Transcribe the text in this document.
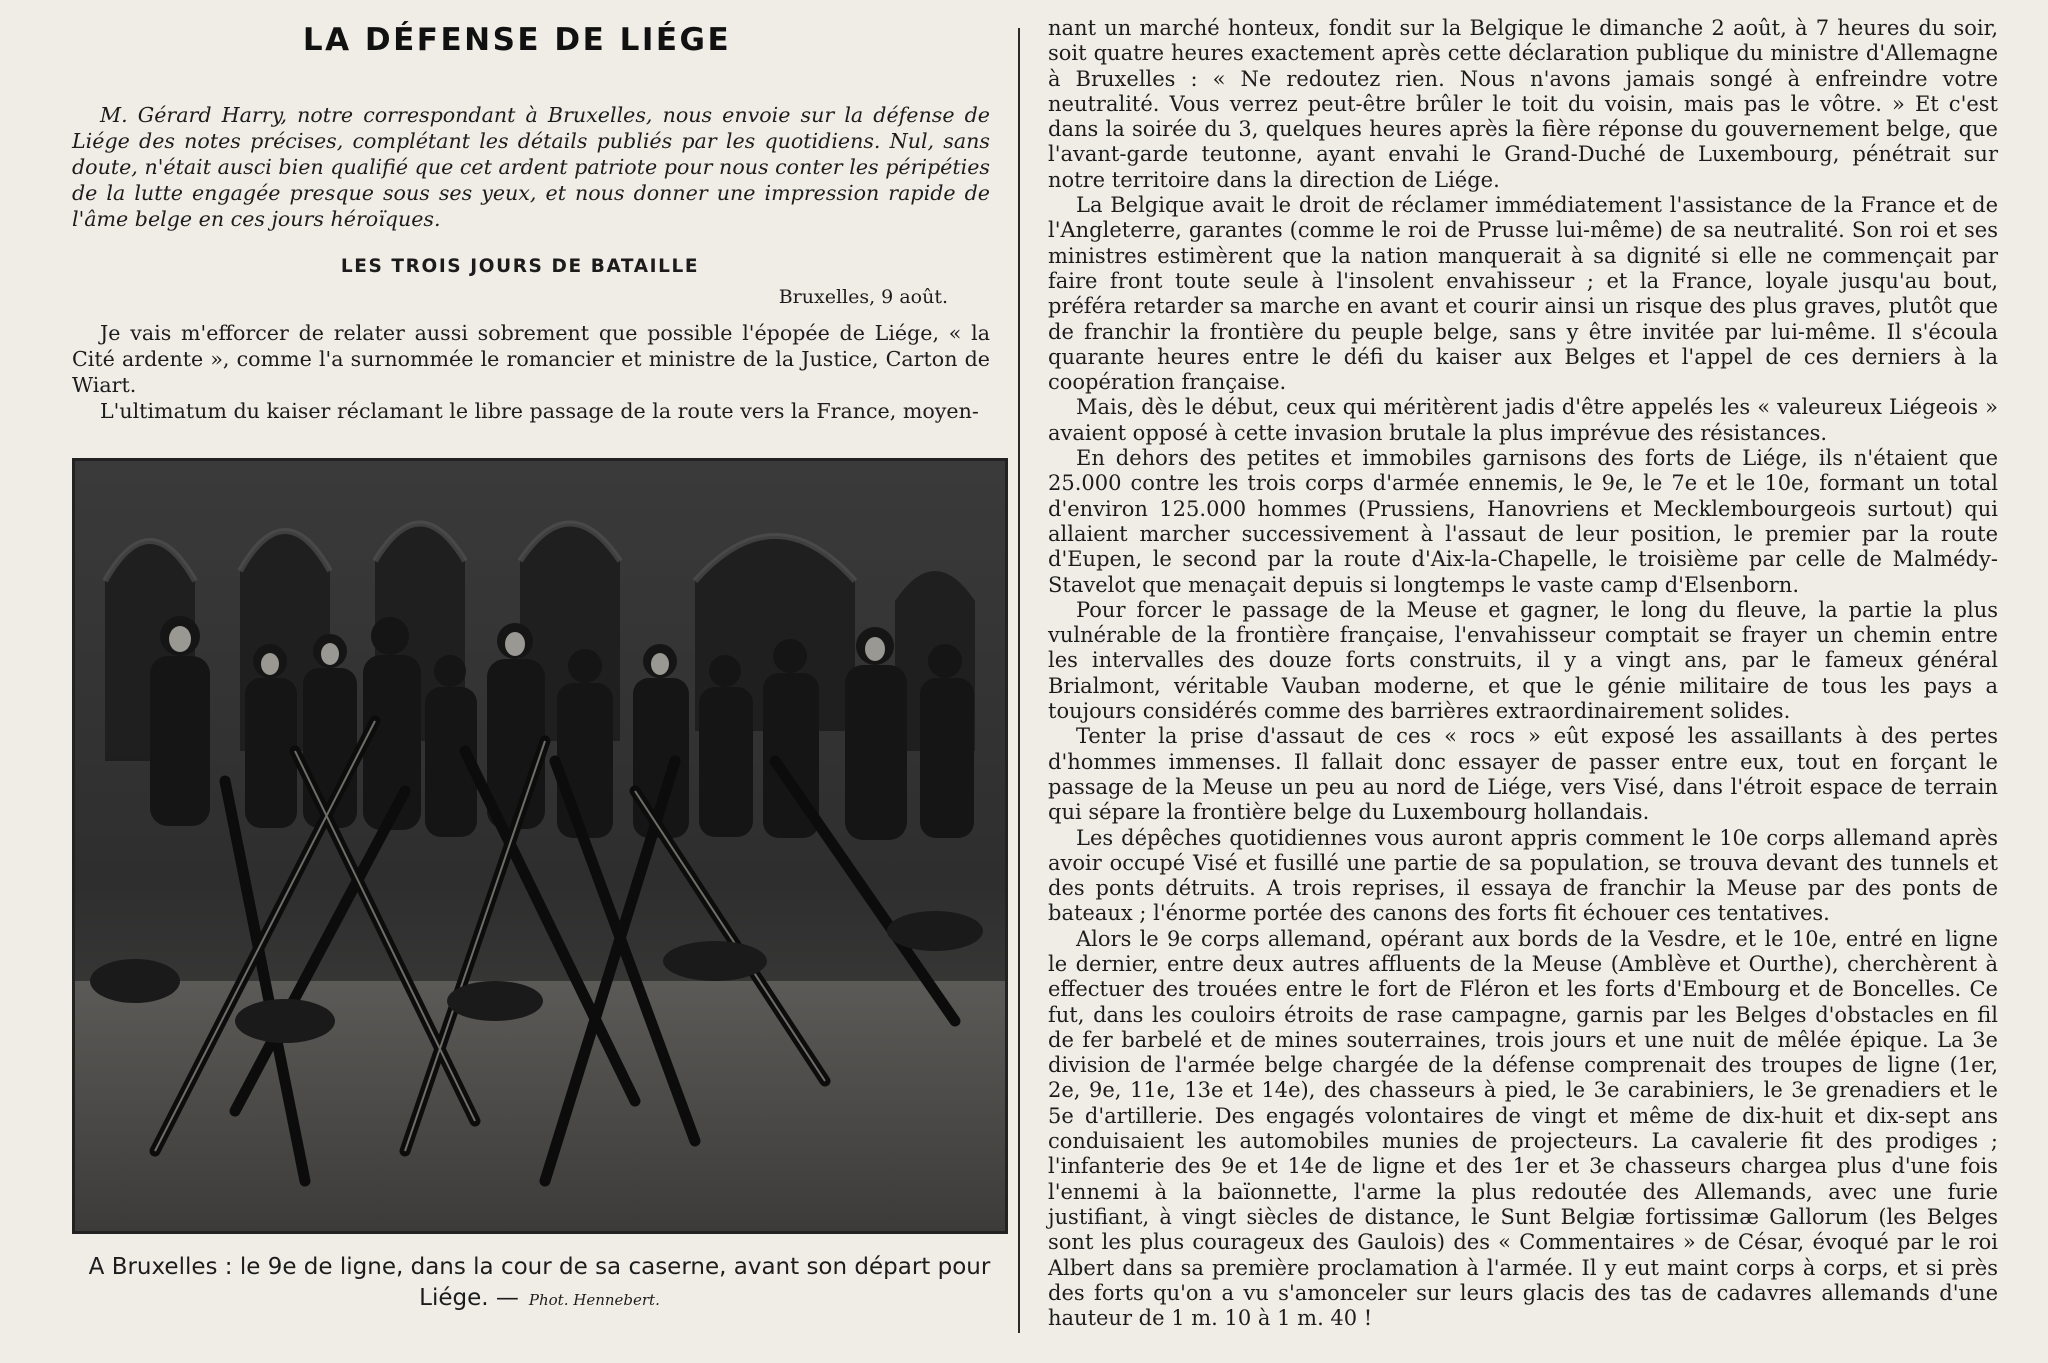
LA DÉFENSE DE LIÉGE

M. Gérard Harry, notre correspondant à Bruxelles, nous envoie sur la défense de Liége des notes précises, complétant les détails publiés par les quotidiens. Nul, sans doute, n'était ausci bien qualifié que cet ardent patriote pour nous conter les péripéties de la lutte engagée presque sous ses yeux, et nous donner une impression rapide de l'âme belge en ces jours héroïques.

LES TROIS JOURS DE BATAILLE
Bruxelles, 9 août.

Je vais m'efforcer de relater aussi sobrement que possible l'épopée de Liége, « la Cité ardente », comme l'a surnommée le romancier et ministre de la Justice, Carton de Wiart.

L'ultimatum du kaiser réclamant le libre passage de la route vers la France, moyen-

A Bruxelles : le 9e de ligne, dans la cour de sa caserne, avant son départ pour Liége. — Phot. Hennebert.

nant un marché honteux, fondit sur la Belgique le dimanche 2 août, à 7 heures du soir, soit quatre heures exactement après cette déclaration publique du ministre d'Allemagne à Bruxelles : « Ne redoutez rien. Nous n'avons jamais songé à enfreindre votre neutralité. Vous verrez peut-être brûler le toit du voisin, mais pas le vôtre. » Et c'est dans la soirée du 3, quelques heures après la fière réponse du gouvernement belge, que l'avant-garde teutonne, ayant envahi le Grand-Duché de Luxembourg, pénétrait sur notre territoire dans la direction de Liége.

La Belgique avait le droit de réclamer immédiatement l'assistance de la France et de l'Angleterre, garantes (comme le roi de Prusse lui-même) de sa neutralité. Son roi et ses ministres estimèrent que la nation manquerait à sa dignité si elle ne commençait par faire front toute seule à l'insolent envahisseur ; et la France, loyale jusqu'au bout, préféra retarder sa marche en avant et courir ainsi un risque des plus graves, plutôt que de franchir la frontière du peuple belge, sans y être invitée par lui-même. Il s'écoula quarante heures entre le défi du kaiser aux Belges et l'appel de ces derniers à la coopération française.

Mais, dès le début, ceux qui méritèrent jadis d'être appelés les « valeureux Liégeois » avaient opposé à cette invasion brutale la plus imprévue des résistances.

En dehors des petites et immobiles garnisons des forts de Liége, ils n'étaient que 25.000 contre les trois corps d'armée ennemis, le 9e, le 7e et le 10e, formant un total d'environ 125.000 hommes (Prussiens, Hanovriens et Mecklembourgeois surtout) qui allaient marcher successivement à l'assaut de leur position, le premier par la route d'Eupen, le second par la route d'Aix-la-Chapelle, le troisième par celle de Malmédy-Stavelot que menaçait depuis si longtemps le vaste camp d'Elsenborn.

Pour forcer le passage de la Meuse et gagner, le long du fleuve, la partie la plus vulnérable de la frontière française, l'envahisseur comptait se frayer un chemin entre les intervalles des douze forts construits, il y a vingt ans, par le fameux général Brialmont, véritable Vauban moderne, et que le génie militaire de tous les pays a toujours considérés comme des barrières extraordinairement solides.

Tenter la prise d'assaut de ces « rocs » eût exposé les assaillants à des pertes d'hommes immenses. Il fallait donc essayer de passer entre eux, tout en forçant le passage de la Meuse un peu au nord de Liége, vers Visé, dans l'étroit espace de terrain qui sépare la frontière belge du Luxembourg hollandais.

Les dépêches quotidiennes vous auront appris comment le 10e corps allemand après avoir occupé Visé et fusillé une partie de sa population, se trouva devant des tunnels et des ponts détruits. A trois reprises, il essaya de franchir la Meuse par des ponts de bateaux ; l'énorme portée des canons des forts fit échouer ces tentatives.

Alors le 9e corps allemand, opérant aux bords de la Vesdre, et le 10e, entré en ligne le dernier, entre deux autres affluents de la Meuse (Amblève et Ourthe), cherchèrent à effectuer des trouées entre le fort de Fléron et les forts d'Embourg et de Boncelles. Ce fut, dans les couloirs étroits de rase campagne, garnis par les Belges d'obstacles en fil de fer barbelé et de mines souterraines, trois jours et une nuit de mêlée épique. La 3e division de l'armée belge chargée de la défense comprenait des troupes de ligne (1er, 2e, 9e, 11e, 13e et 14e), des chasseurs à pied, le 3e carabiniers, le 3e grenadiers et le 5e d'artillerie. Des engagés volontaires de vingt et même de dix-huit et dix-sept ans conduisaient les automobiles munies de projecteurs. La cavalerie fit des prodiges ; l'infanterie des 9e et 14e de ligne et des 1er et 3e chasseurs chargea plus d'une fois l'ennemi à la baïonnette, l'arme la plus redoutée des Allemands, avec une furie justifiant, à vingt siècles de distance, le Sunt Belgiæ fortissimæ Gallorum (les Belges sont les plus courageux des Gaulois) des « Commentaires » de César, évoqué par le roi Albert dans sa première proclamation à l'armée. Il y eut maint corps à corps, et si près des forts qu'on a vu s'amonceler sur leurs glacis des tas de cadavres allemands d'une hauteur de 1 m. 10 à 1 m. 40 !
